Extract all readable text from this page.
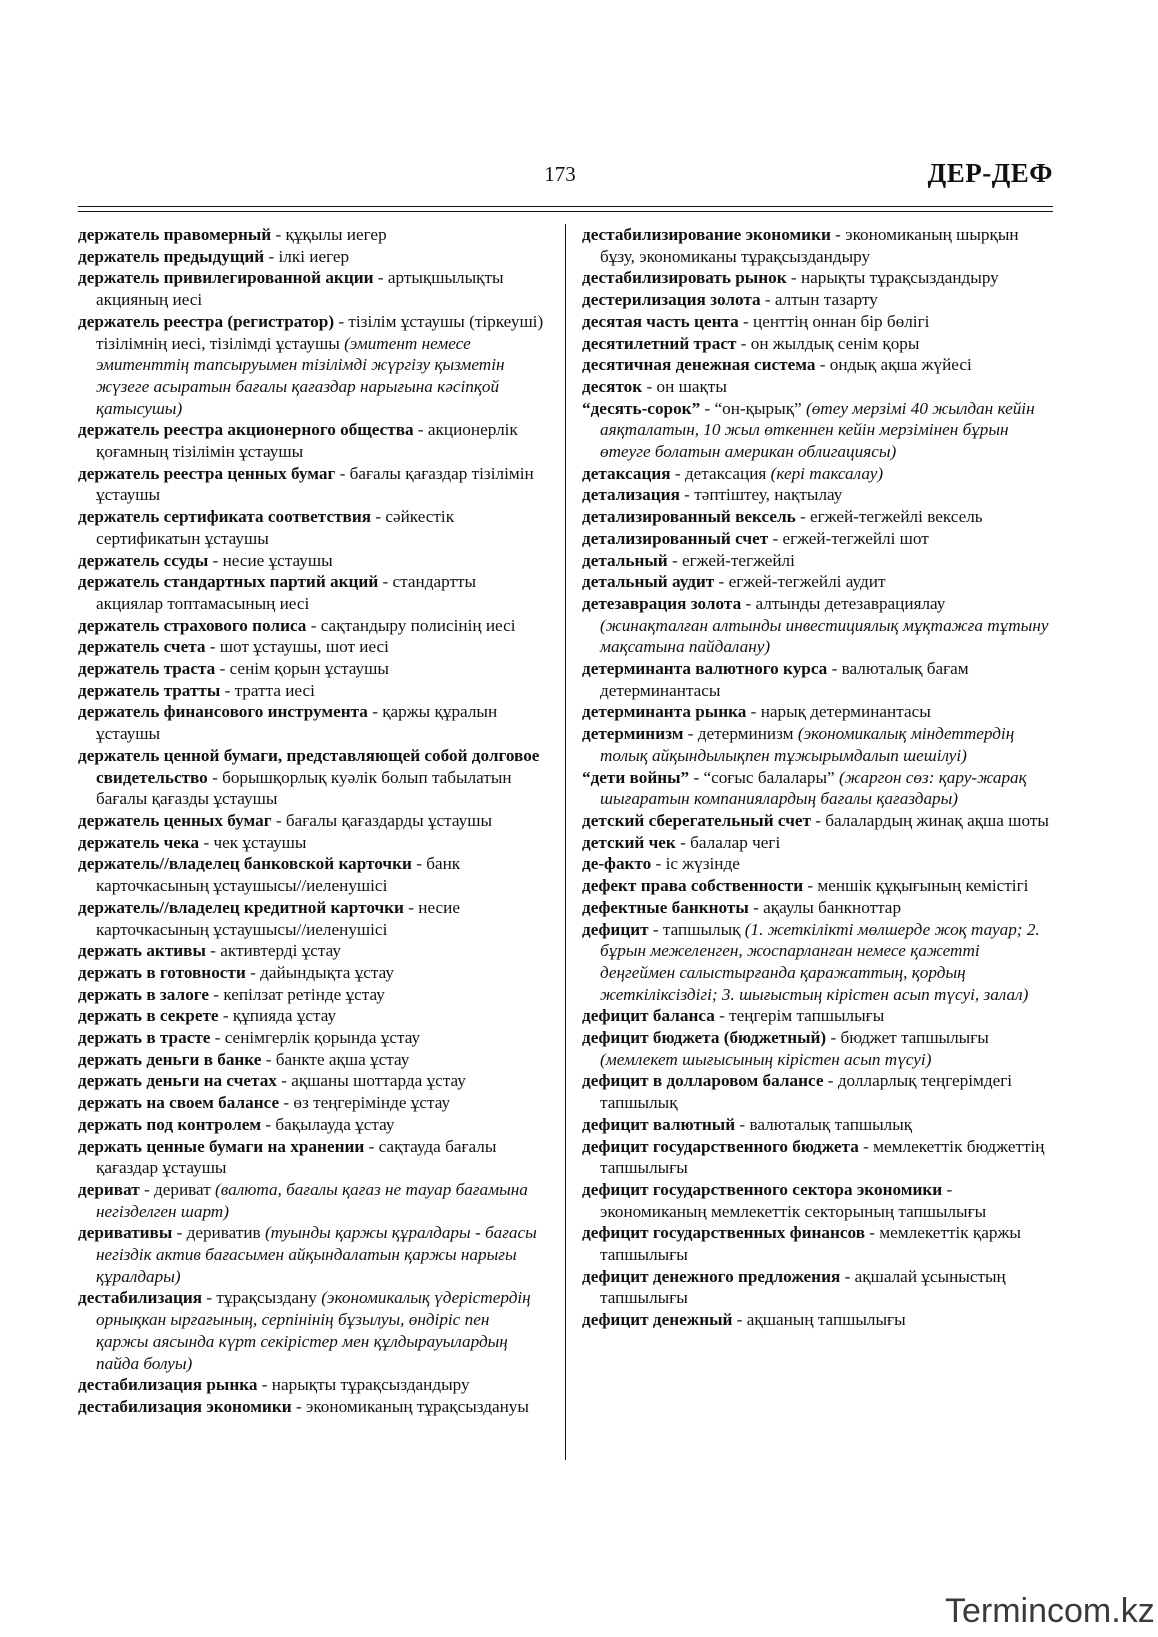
173	ДЕР-ДЕФ
держатель правомерный - құқылы иегер
держатель предыдущий - ілкі иегер
держатель привилегированной акции - артықшылықты акцияның иесі
держатель реестра (регистратор) - тізілім ұстаушы (тіркеуші) тізілімнің иесі, тізілімді ұстаушы (эмитент немесе эмитенттің тапсыруымен тізілімді жүргізу қызметін жүзеге асыратын бағалы қағаздар нарығына кәсіпқой қатысушы)
держатель реестра акционерного общества - акционерлік қоғамның тізілімін ұстаушы
держатель реестра ценных бумаг - бағалы қағаздар тізілімін ұстаушы
держатель сертификата соответствия - сәйкестік сертификатын ұстаушы
держатель ссуды - несие ұстаушы
держатель стандартных партий акций - стандартты акциялар топтамасының иесі
держатель страхового полиса - сақтандыру полисінің иесі
держатель счета - шот ұстаушы, шот иесі
держатель траста - сенім қорын ұстаушы
держатель тратты - тратта иесі
держатель финансового инструмента - қаржы құралын ұстаушы
держатель ценной бумаги, представляющей собой долговое свидетельство - борышқорлық куәлік болып табылатын бағалы қағазды ұстаушы
держатель ценных бумаг - бағалы қағаздарды ұстаушы
держатель чека - чек ұстаушы
держатель//владелец банковской карточки - банк карточкасының ұстаушысы//иеленушісі
держатель//владелец кредитной карточки - несие карточкасының ұстаушысы//иеленушісі
держать активы - активтерді ұстау
держать в готовности - дайындықта ұстау
держать в залоге - кепілзат ретінде ұстау
держать в секрете - құпияда ұстау
держать в трасте - сенімгерлік қорында ұстау
держать деньги в банке - банкте ақша ұстау
держать деньги на счетах - ақшаны шоттарда ұстау
держать на своем балансе - өз теңгерімінде ұстау
держать под контролем - бақылауда ұстау
держать ценные бумаги на хранении - сақтауда бағалы қағаздар ұстаушы
дериват - дериват (валюта, бағалы қағаз не тауар бағамына негізделген шарт)
деривативы - дериватив (туынды қаржы құралдары - бағасы негіздік актив бағасымен айқындалатын қаржы нарығы құралдары)
дестабилизация - тұрақсыздану (экономикалық үдерістердің орнықкан ырғағының, серпінінің бұзылуы, өндіріс пен қаржы аясында күрт секірістер мен құлдырауылардың пайда болуы)
дестабилизация рынка - нарықты тұрақсыздандыру
дестабилизация экономики - экономиканың тұрақсыздануы
дестабилизирование экономики - экономиканың шырқын бұзу, экономиканы тұрақсыздандыру
дестабилизировать рынок - нарықты тұрақсыздандыру
дестерилизация золота - алтын тазарту
десятая часть цента - центтің оннан бір бөлігі
десятилетний траст - он жылдық сенім қоры
десятичная денежная система - ондық ақша жүйесі
десяток - он шақты
“десять-сорок” - “он-қырық” (өтеу мерзімі 40 жылдан кейін аяқталатын, 10 жыл өткеннен кейін мерзімінен бұрын өтеуге болатын американ облигациясы)
детаксация - детаксация (кері таксалау)
детализация - тәптіштеу, нақтылау
детализированный вексель - егжей-тегжейлі вексель
детализированный счет - егжей-тегжейлі шот
детальный - егжей-тегжейлі
детальный аудит - егжей-тегжейлі аудит
детезаврация золота - алтынды детезаврациялау (жинақталған алтынды инвестициялық мұқтажға тұтыну мақсатына пайдалану)
детерминанта валютного курса - валюталық бағам детерминантасы
детерминанта рынка - нарық детерминантасы
детерминизм - детерминизм (экономикалық міндеттердің толық айқындылықпен тұжырымдалып шешілуі)
“дети войны” - “соғыс балалары” (жаргон сөз: қару-жарақ шығаратын компаниялардың бағалы қағаздары)
детский сберегательный счет - балалардың жинақ ақша шоты
детский чек - балалар чегі
де-факто - іс жүзінде
дефект права собственности - меншік құқығының кемістігі
дефектные банкноты - ақаулы банкноттар
дефицит - тапшылық (1. жеткілікті мөлшерде жоқ тауар; 2. бұрын межеленген, жоспарланған немесе қажетті деңгеймен салыстырғанда қаражаттың, қордың жеткіліксіздігі; 3. шығыстың кірістен асып түсуі, залал)
дефицит баланса - теңгерім тапшылығы
дефицит бюджета (бюджетный) - бюджет тапшылығы (мемлекет шығысының кірістен асып түсуі)
дефицит в долларовом балансе - долларлық теңгерімдегі тапшылық
дефицит валютный - валюталық тапшылық
дефицит государственного бюджета - мемлекеттік бюджеттің тапшылығы
дефицит государственного сектора экономики - экономиканың мемлекеттік секторының тапшылығы
дефицит государственных финансов - мемлекеттік қаржы тапшылығы
дефицит денежного предложения - ақшалай ұсыныстың тапшылығы
дефицит денежный - ақшаның тапшылығы
Termincom.kz
